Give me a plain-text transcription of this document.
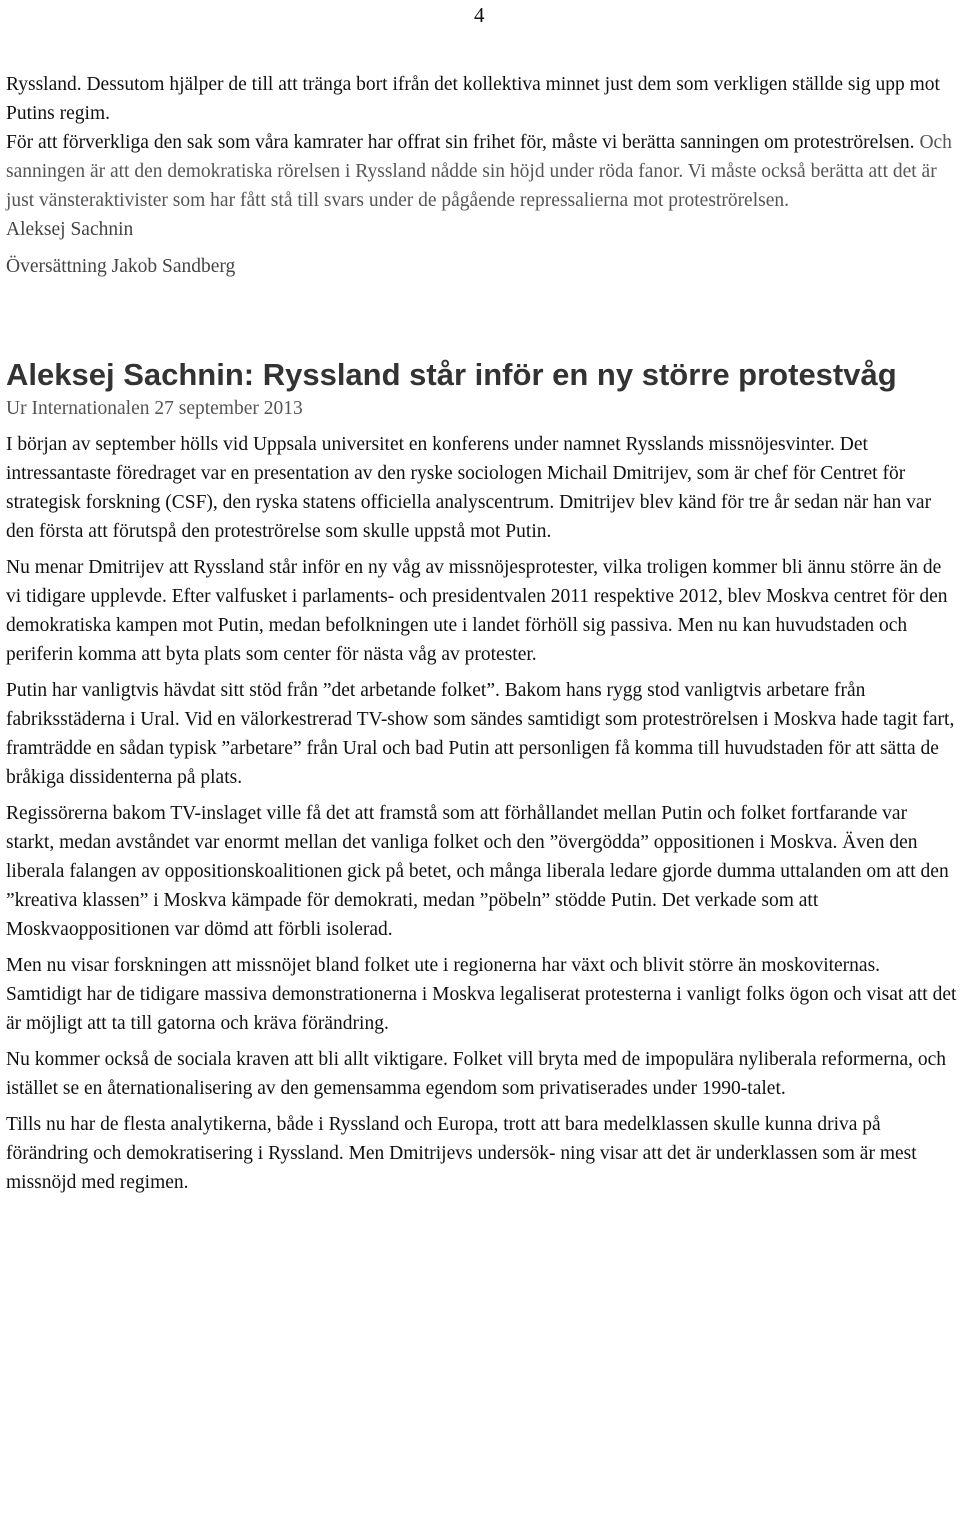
4

Ryssland. Dessutom hjälper de till att tränga bort ifrån det kollektiva minnet just dem som verkligen ställde sig upp mot Putins regim.

För att förverkliga den sak som våra kamrater har offrat sin frihet för, måste vi berätta sanningen om proteströrelsen. Och sanningen är att den demokratiska rörelsen i Ryssland nådde sin höjd under röda fanor. Vi måste också berätta att det är just vänsteraktivister som har fått stå till svars under de pågående repressalierna mot proteströrelsen.

Aleksej Sachnin

Översättning Jakob Sandberg

Aleksej Sachnin: Ryssland står inför en ny större protestvåg

Ur Internationalen 27 september 2013

I början av september hölls vid Uppsala universitet en konferens under namnet Rysslands missnöjesvinter. Det intressantaste föredraget var en presentation av den ryske sociologen Michail Dmitrijev, som är chef för Centret för strategisk forskning (CSF), den ryska statens officiella analyscentrum. Dmitrijev blev känd för tre år sedan när han var den första att förutspå den proteströrelse som skulle uppstå mot Putin.

Nu menar Dmitrijev att Ryssland står inför en ny våg av missnöjesprotester, vilka troligen kommer bli ännu större än de vi tidigare upplevde. Efter valfusket i parlaments- och presidentvalen 2011 respektive 2012, blev Moskva centret för den demokratiska kampen mot Putin, medan befolkningen ute i landet förhöll sig passiva. Men nu kan huvudstaden och periferin komma att byta plats som center för nästa våg av protester.

Putin har vanligtvis hävdat sitt stöd från ”det arbetande folket”. Bakom hans rygg stod vanligtvis arbetare från fabriksstäderna i Ural. Vid en välorkestrerad TV-show som sändes samtidigt som proteströrelsen i Moskva hade tagit fart, framträdde en sådan typisk ”arbetare” från Ural och bad Putin att personligen få komma till huvudstaden för att sätta de bråkiga dissidenterna på plats.

Regissörerna bakom TV-inslaget ville få det att framstå som att förhållandet mellan Putin och folket fortfarande var starkt, medan avståndet var enormt mellan det vanliga folket och den ”övergödda” oppositionen i Moskva. Även den liberala falangen av oppositionskoalitionen gick på betet, och många liberala ledare gjorde dumma uttalanden om att den ”kreativa klassen” i Moskva kämpade för demokrati, medan ”pöbeln” stödde Putin. Det verkade som att Moskvaoppositionen var dömd att förbli isolerad.

Men nu visar forskningen att missnöjet bland folket ute i regionerna har växt och blivit större än moskoviternas. Samtidigt har de tidigare massiva demonstrationerna i Moskva legaliserat protesterna i vanligt folks ögon och visat att det är möjligt att ta till gatorna och kräva förändring.

Nu kommer också de sociala kraven att bli allt viktigare. Folket vill bryta med de impopulära nyliberala reformerna, och istället se en åternationalisering av den gemensamma egendom som privatiserades under 1990-talet.

Tills nu har de flesta analytikerna, både i Ryssland och Europa, trott att bara medelklassen skulle kunna driva på förändring och demokratisering i Ryssland. Men Dmitrijevs undersök- ning visar att det är underklassen som är mest missnöjd med regimen.
